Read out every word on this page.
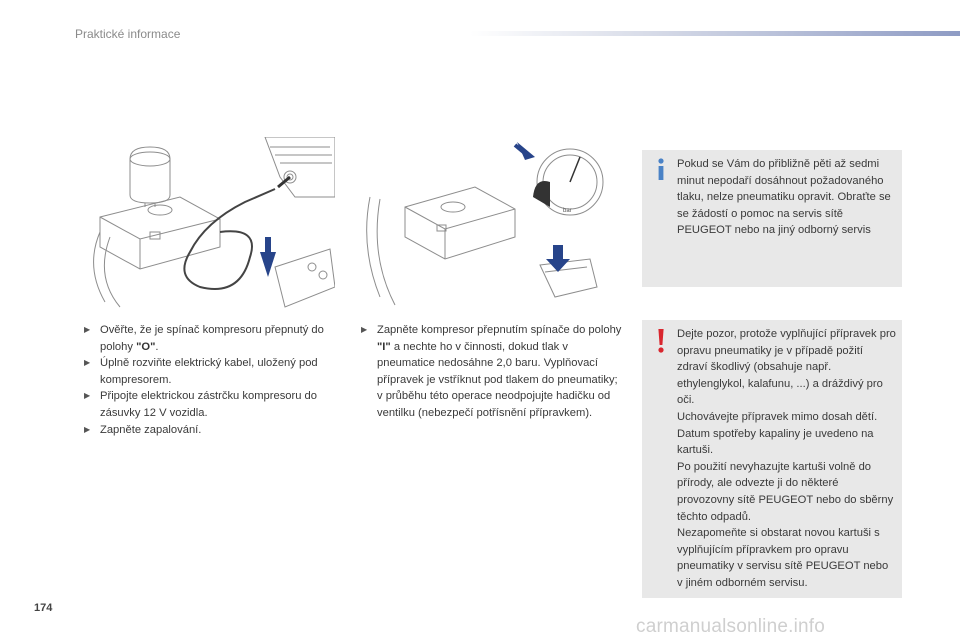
Praktické informace
bar
▶ Ověřte, že je spínač kompresoru přepnutý do polohy "O".
▶ Úplně rozviňte elektrický kabel, uložený pod kompresorem.
▶ Připojte elektrickou zástrčku kompresoru do zásuvky 12 V vozidla.
▶ Zapněte zapalování.
▶ Zapněte kompresor přepnutím spínače do polohy "I" a nechte ho v činnosti, dokud tlak v pneumatice nedosáhne 2,0 baru. Vyplňovací přípravek je vstříknut pod tlakem do pneumatiky; v průběhu této operace neodpojujte hadičku od ventilku (nebezpečí potřísnění přípravkem).
Pokud se Vám do přibližně pěti až sedmi minut nepodaří dosáhnout požadovaného tlaku, nelze pneumatiku opravit. Obraťte se se žádostí o pomoc na servis sítě PEUGEOT nebo na jiný odborný servis
Dejte pozor, protože vyplňující přípravek pro opravu pneumatiky je v případě požití zdraví škodlivý (obsahuje např. ethylenglykol, kalafunu, ...) a dráždivý pro oči.
Uchovávejte přípravek mimo dosah dětí.
Datum spotřeby kapaliny je uvedeno na kartuši.
Po použití nevyhazujte kartuši volně do přírody, ale odvezte ji do některé provozovny sítě PEUGEOT nebo do sběrny těchto odpadů.
Nezapomeňte si obstarat novou kartuši s vyplňujícím přípravkem pro opravu pneumatiky v servisu sítě PEUGEOT nebo v jiném odborném servisu.
174
carmanualsonline.info
